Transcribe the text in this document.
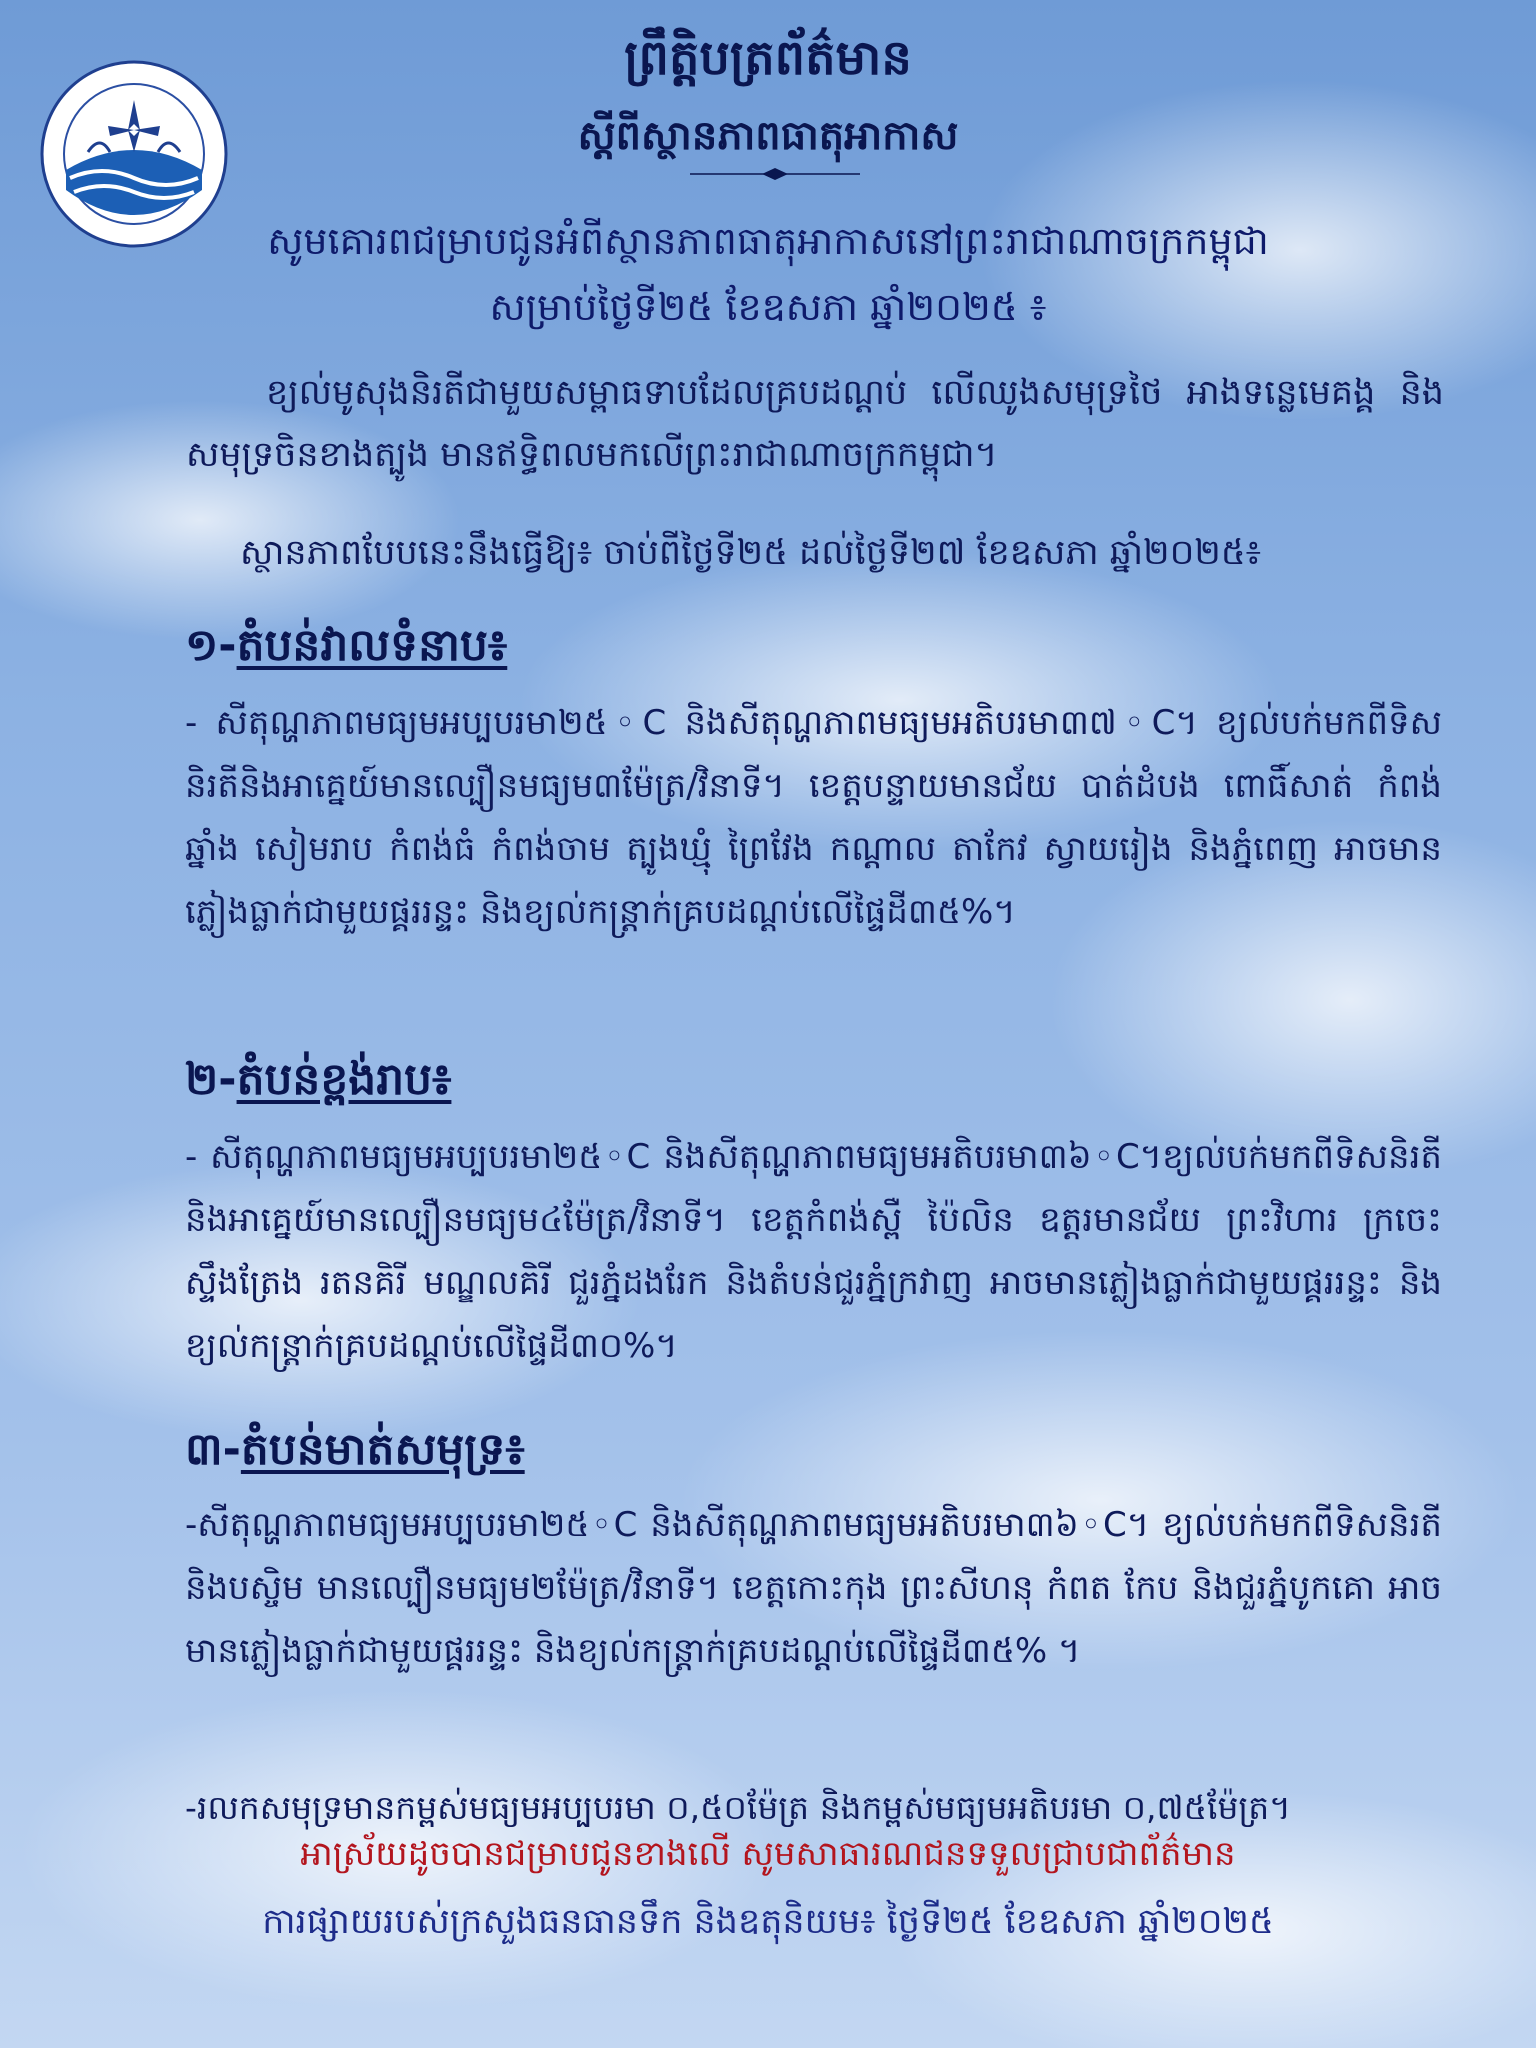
ព្រឹត្តិបត្រព័ត៌មាន
ស្ដីពីស្ថានភាពធាតុអាកាស
សូមគោរពជម្រាបជូនអំពីស្ថានភាពធាតុអាកាសនៅព្រះរាជាណាចក្រកម្ពុជា
សម្រាប់ថ្ងៃទី២៥ ខែឧសភា ឆ្នាំ២០២៥ ៖
ខ្យល់មូសុងនិរតីជាមួយសម្ពាធទាបដែលគ្របដណ្ដប់ លើឈូងសមុទ្រថៃ អាងទន្លេមេគង្គ និងសមុទ្រចិនខាងត្បូង មានឥទ្ធិពលមកលើព្រះរាជាណាចក្រកម្ពុជា។
ស្ថានភាពបែបនេះនឹងធ្វើឱ្យ៖ ចាប់ពីថ្ងៃទី២៥ ដល់ថ្ងៃទី២៧ ខែឧសភា ឆ្នាំ២០២៥៖
១-តំបន់វាលទំនាប៖
- សីតុណ្ហភាពមធ្យមអប្បបរមា២៥◦C និងសីតុណ្ហភាពមធ្យមអតិបរមា៣៧◦C។ ខ្យល់បក់មកពីទិសនិរតីនិងអាគ្នេយ៍មានល្បឿនមធ្យម៣ម៉ែត្រ/វិនាទី។ ខេត្តបន្ទាយមានជ័យ បាត់ដំបង ពោធិ៍សាត់ កំពង់ឆ្នាំង សៀមរាប កំពង់ធំ កំពង់ចាម ត្បូងឃ្មុំ ព្រៃវែង កណ្ដាល តាកែវ ស្វាយរៀង និងភ្នំពេញ អាចមានភ្លៀងធ្លាក់ជាមួយផ្គររន្ទះ និងខ្យល់កន្ត្រាក់គ្របដណ្ដប់លើផ្ទៃដី៣៥%។
២-តំបន់ខ្ពង់រាប៖
- សីតុណ្ហភាពមធ្យមអប្បបរមា២៥◦C និងសីតុណ្ហភាពមធ្យមអតិបរមា៣៦◦C។ខ្យល់បក់មកពីទិសនិរតីនិងអាគ្នេយ៍មានល្បឿនមធ្យម៤ម៉ែត្រ/វិនាទី។ ខេត្តកំពង់ស្ពឺ ប៉ៃលិន ឧត្តរមានជ័យ ព្រះវិហារ ក្រចេះ ស្ទឹងត្រែង រតនគិរី មណ្ឌលគិរី ជួរភ្នំដងរែក និងតំបន់ជួរភ្នំក្រវាញ អាចមានភ្លៀងធ្លាក់ជាមួយផ្គររន្ទះ និងខ្យល់កន្ត្រាក់គ្របដណ្ដប់លើផ្ទៃដី៣០%។
៣-តំបន់មាត់សមុទ្រ៖
-សីតុណ្ហភាពមធ្យមអប្បបរមា២៥◦C និងសីតុណ្ហភាពមធ្យមអតិបរមា៣៦◦C។ ខ្យល់បក់មកពីទិសនិរតីនិងបស្ចិម មានល្បឿនមធ្យម២ម៉ែត្រ/វិនាទី។ ខេត្តកោះកុង ព្រះសីហនុ កំពត កែប និងជួរភ្នំបូកគោ អាចមានភ្លៀងធ្លាក់ជាមួយផ្គររន្ទះ និងខ្យល់កន្ត្រាក់គ្របដណ្ដប់លើផ្ទៃដី៣៥% ។
-រលកសមុទ្រមានកម្ពស់មធ្យមអប្បបរមា ០,៥០ម៉ែត្រ និងកម្ពស់មធ្យមអតិបរមា ០,៧៥ម៉ែត្រ។
អាស្រ័យដូចបានជម្រាបជូនខាងលើ សូមសាធារណជនទទួលជ្រាបជាព័ត៌មាន
ការផ្សាយរបស់ក្រសួងធនធានទឹក និងឧតុនិយម៖ ថ្ងៃទី២៥ ខែឧសភា ឆ្នាំ២០២៥
